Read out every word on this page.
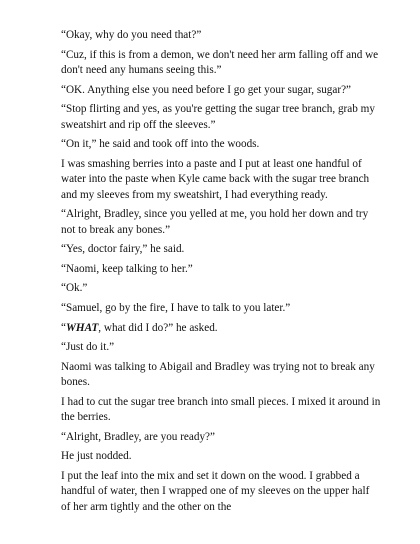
“Okay, why do you need that?”

“Cuz, if this is from a demon, we don't need her arm falling off and we don't need any humans seeing this.”

“OK. Anything else you need before I go get your sugar, sugar?”

“Stop flirting and yes, as you're getting the sugar tree branch, grab my sweatshirt and rip off the sleeves.”

“On it,” he said and took off into the woods.

I was smashing berries into a paste and I put at least one handful of water into the paste when Kyle came back with the sugar tree branch and my sleeves from my sweatshirt, I had everything ready.

“Alright, Bradley, since you yelled at me, you hold her down and try not to break any bones.”

“Yes, doctor fairy,” he said.

“Naomi, keep talking to her.”

“Ok.”

“Samuel, go by the fire, I have to talk to you later.”

“WHAT, what did I do?” he asked.

“Just do it.”

Naomi was talking to Abigail and Bradley was trying not to break any bones.

I had to cut the sugar tree branch into small pieces. I mixed it around in the berries.

“Alright, Bradley, are you ready?”

He just nodded.

I put the leaf into the mix and set it down on the wood. I grabbed a handful of water, then I wrapped one of my sleeves on the upper half of her arm tightly and the other on the
